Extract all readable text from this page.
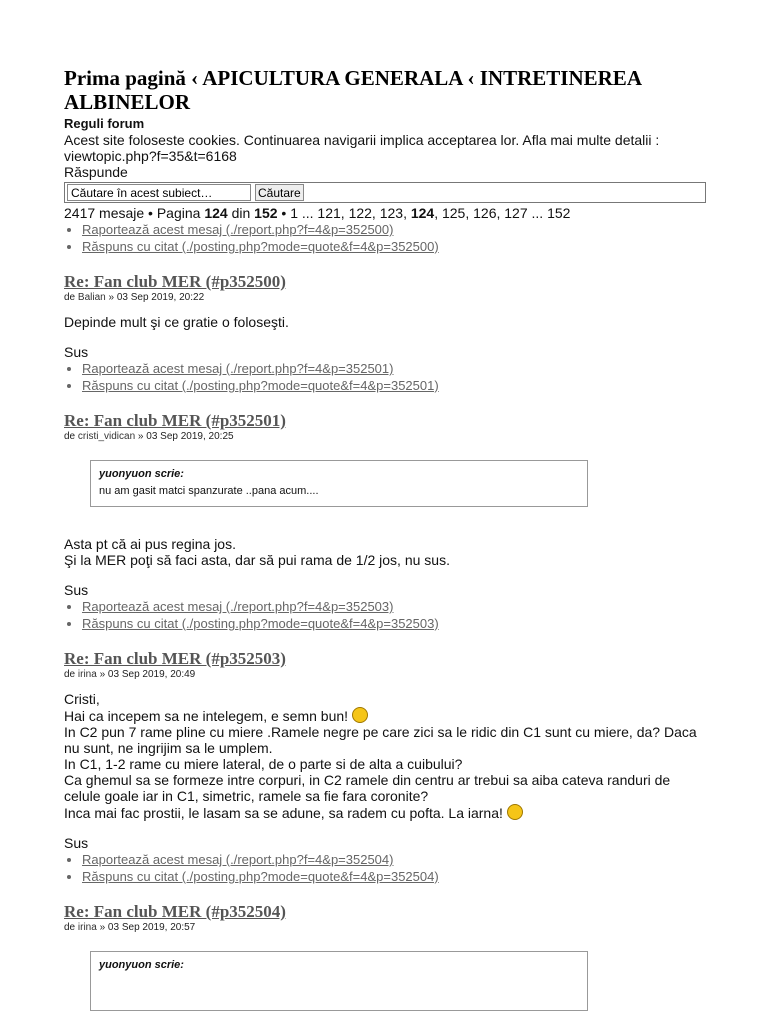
Prima pagină ‹ APICULTURA GENERALA ‹ INTRETINEREA ALBINELOR
Reguli forum
Acest site foloseste cookies. Continuarea navigarii implica acceptarea lor. Afla mai multe detalii :
viewtopic.php?f=35&t=6168
Răspunde
Căutare în acest subiect…
Căutare
2417 mesaje • Pagina 124 din 152 • 1 ... 121, 122, 123, 124, 125, 126, 127 ... 152
• Raportează acest mesaj (./report.php?f=4&p=352500)
• Răspuns cu citat (./posting.php?mode=quote&f=4&p=352500)
Re: Fan club MER (#p352500)
de Balian » 03 Sep 2019, 20:22
Depinde mult şi ce gratie o foloseşti.
Sus
• Raportează acest mesaj (./report.php?f=4&p=352501)
• Răspuns cu citat (./posting.php?mode=quote&f=4&p=352501)
Re: Fan club MER (#p352501)
de cristi_vidican » 03 Sep 2019, 20:25
yuonyuon scrie:
nu am gasit matci spanzurate ..pana acum....
Asta pt că ai pus regina jos.
Şi la MER poţi să faci asta, dar să pui rama de 1/2 jos, nu sus.
Sus
• Raportează acest mesaj (./report.php?f=4&p=352503)
• Răspuns cu citat (./posting.php?mode=quote&f=4&p=352503)
Re: Fan club MER (#p352503)
de irina » 03 Sep 2019, 20:49
Cristi,
Hai ca incepem sa ne intelegem, e semn bun!
In C2 pun 7 rame pline cu miere .Ramele negre pe care zici sa le ridic din C1 sunt cu miere, da? Daca nu sunt, ne ingrijim sa le umplem.
In C1, 1-2 rame cu miere lateral, de o parte si de alta a cuibului?
Ca ghemul sa se formeze intre corpuri, in C2 ramele din centru ar trebui sa aiba cateva randuri de celule goale iar in C1, simetric, ramele sa fie fara coronite?
Inca mai fac prostii, le lasam sa se adune, sa radem cu pofta. La iarna!
Sus
• Raportează acest mesaj (./report.php?f=4&p=352504)
• Răspuns cu citat (./posting.php?mode=quote&f=4&p=352504)
Re: Fan club MER (#p352504)
de irina » 03 Sep 2019, 20:57
yuonyuon scrie:
